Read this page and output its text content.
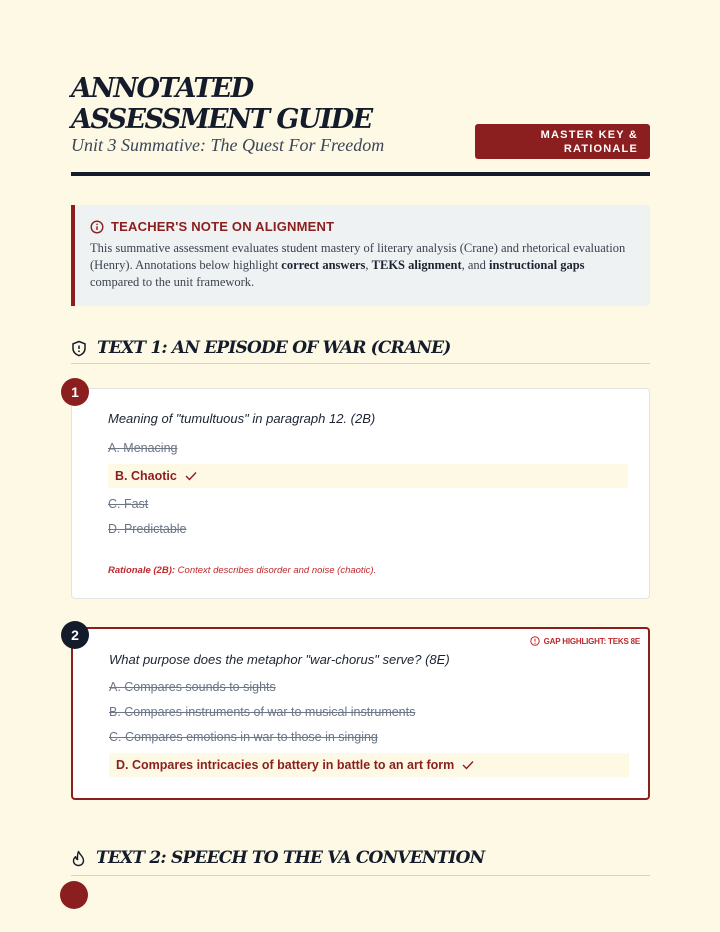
ANNOTATED ASSESSMENT GUIDE
Unit 3 Summative: The Quest For Freedom
MASTER KEY & RATIONALE
TEACHER'S NOTE ON ALIGNMENT
This summative assessment evaluates student mastery of literary analysis (Crane) and rhetorical evaluation (Henry). Annotations below highlight correct answers, TEKS alignment, and instructional gaps compared to the unit framework.
TEXT 1: AN EPISODE OF WAR (CRANE)
1
Meaning of "tumultuous" in paragraph 12. (2B)
A. Menacing
B. Chaotic
C. Fast
D. Predictable
Rationale (2B): Context describes disorder and noise (chaotic).
2	GAP HIGHLIGHT: TEKS 8E
What purpose does the metaphor "war-chorus" serve? (8E)
A. Compares sounds to sights
B. Compares instruments of war to musical instruments
C. Compares emotions in war to those in singing
D. Compares intricacies of battery in battle to an art form
TEXT 2: SPEECH TO THE VA CONVENTION
